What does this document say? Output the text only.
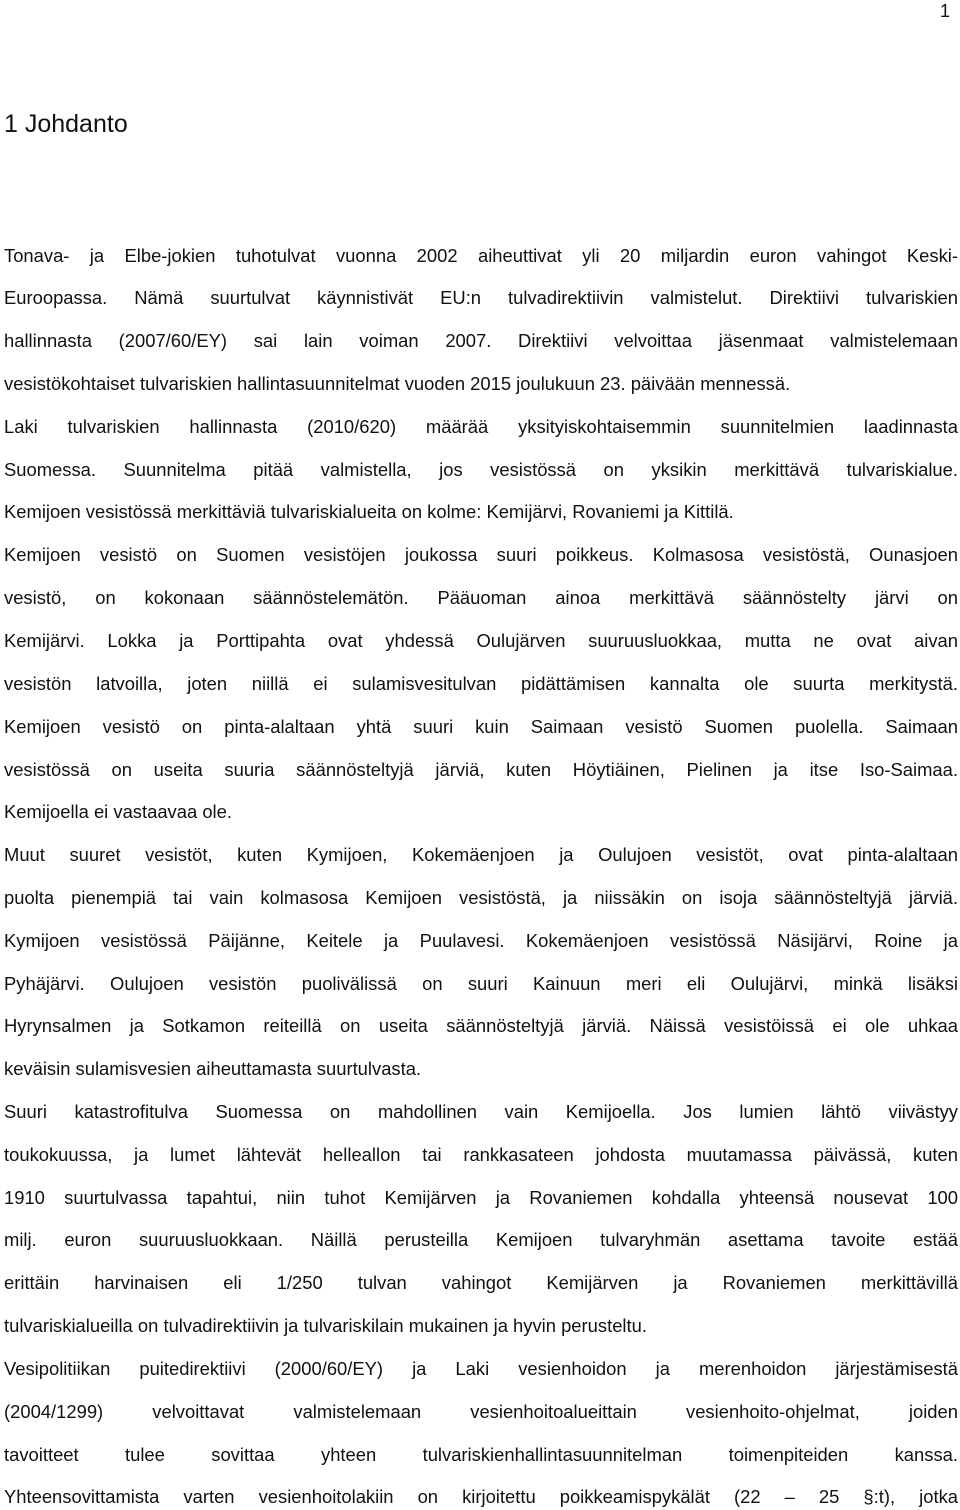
1
1 Johdanto
Tonava- ja Elbe-jokien tuhotulvat vuonna 2002 aiheuttivat yli 20 miljardin euron vahingot Keski-
Euroopassa. Nämä suurtulvat käynnistivät EU:n tulvadirektiivin valmistelut. Direktiivi tulvariskien
hallinnasta (2007/60/EY) sai lain voiman 2007. Direktiivi velvoittaa jäsenmaat valmistelemaan
vesistökohtaiset tulvariskien hallintasuunnitelmat vuoden 2015 joulukuun 23. päivään mennessä.
Laki tulvariskien hallinnasta (2010/620) määrää yksityiskohtaisemmin suunnitelmien laadinnasta
Suomessa. Suunnitelma pitää valmistella, jos vesistössä on yksikin merkittävä tulvariskialue.
Kemijoen vesistössä merkittäviä tulvariskialueita on kolme: Kemijärvi, Rovaniemi ja Kittilä.
Kemijoen vesistö on Suomen vesistöjen joukossa suuri poikkeus. Kolmasosa vesistöstä, Ounasjoen
vesistö, on kokonaan säännöstelemätön. Pääuoman ainoa merkittävä säännöstelty järvi on
Kemijärvi. Lokka ja Porttipahta ovat yhdessä Oulujärven suuruusluokkaa, mutta ne ovat aivan
vesistön latvoilla, joten niillä ei sulamisvesitulvan pidättämisen kannalta ole suurta merkitystä.
Kemijoen vesistö on pinta-alaltaan yhtä suuri kuin Saimaan vesistö Suomen puolella. Saimaan
vesistössä on useita suuria säännösteltyjä järviä, kuten Höytiäinen, Pielinen ja itse Iso-Saimaa.
Kemijoella ei vastaavaa ole.
Muut suuret vesistöt, kuten Kymijoen, Kokemäenjoen ja Oulujoen vesistöt, ovat pinta-alaltaan
puolta pienempiä tai vain kolmasosa Kemijoen vesistöstä, ja niissäkin on isoja säännösteltyjä järviä.
Kymijoen vesistössä Päijänne, Keitele ja Puulavesi. Kokemäenjoen vesistössä Näsijärvi, Roine ja
Pyhäjärvi. Oulujoen vesistön puolivälissä on suuri Kainuun meri eli Oulujärvi, minkä lisäksi
Hyrynsalmen ja Sotkamon reiteillä on useita säännösteltyjä järviä. Näissä vesistöissä ei ole uhkaa
keväisin sulamisvesien aiheuttamasta suurtulvasta.
Suuri katastrofitulva Suomessa on mahdollinen vain Kemijoella. Jos lumien lähtö viivästyy
toukokuussa, ja lumet lähtevät helleallon tai rankkasateen johdosta muutamassa päivässä, kuten
1910 suurtulvassa tapahtui, niin tuhot Kemijärven ja Rovaniemen kohdalla yhteensä nousevat 100
milj. euron suuruusluokkaan. Näillä perusteilla Kemijoen tulvaryhmän asettama tavoite estää
erittäin harvinaisen eli 1/250 tulvan vahingot Kemijärven ja Rovaniemen merkittävillä
tulvariskialueilla on tulvadirektiivin ja tulvariskilain mukainen ja hyvin perusteltu.
Vesipolitiikan puitedirektiivi (2000/60/EY) ja Laki vesienhoidon ja merenhoidon järjestämisestä
(2004/1299) velvoittavat valmistelemaan vesienhoitoalueittain vesienhoito-ohjelmat, joiden
tavoitteet tulee sovittaa yhteen tulvariskienhallintasuunnitelman toimenpiteiden kanssa.
Yhteensovittamista varten vesienhoitolakiin on kirjoitettu poikkeamispykälät (22 – 25 §:t), jotka
